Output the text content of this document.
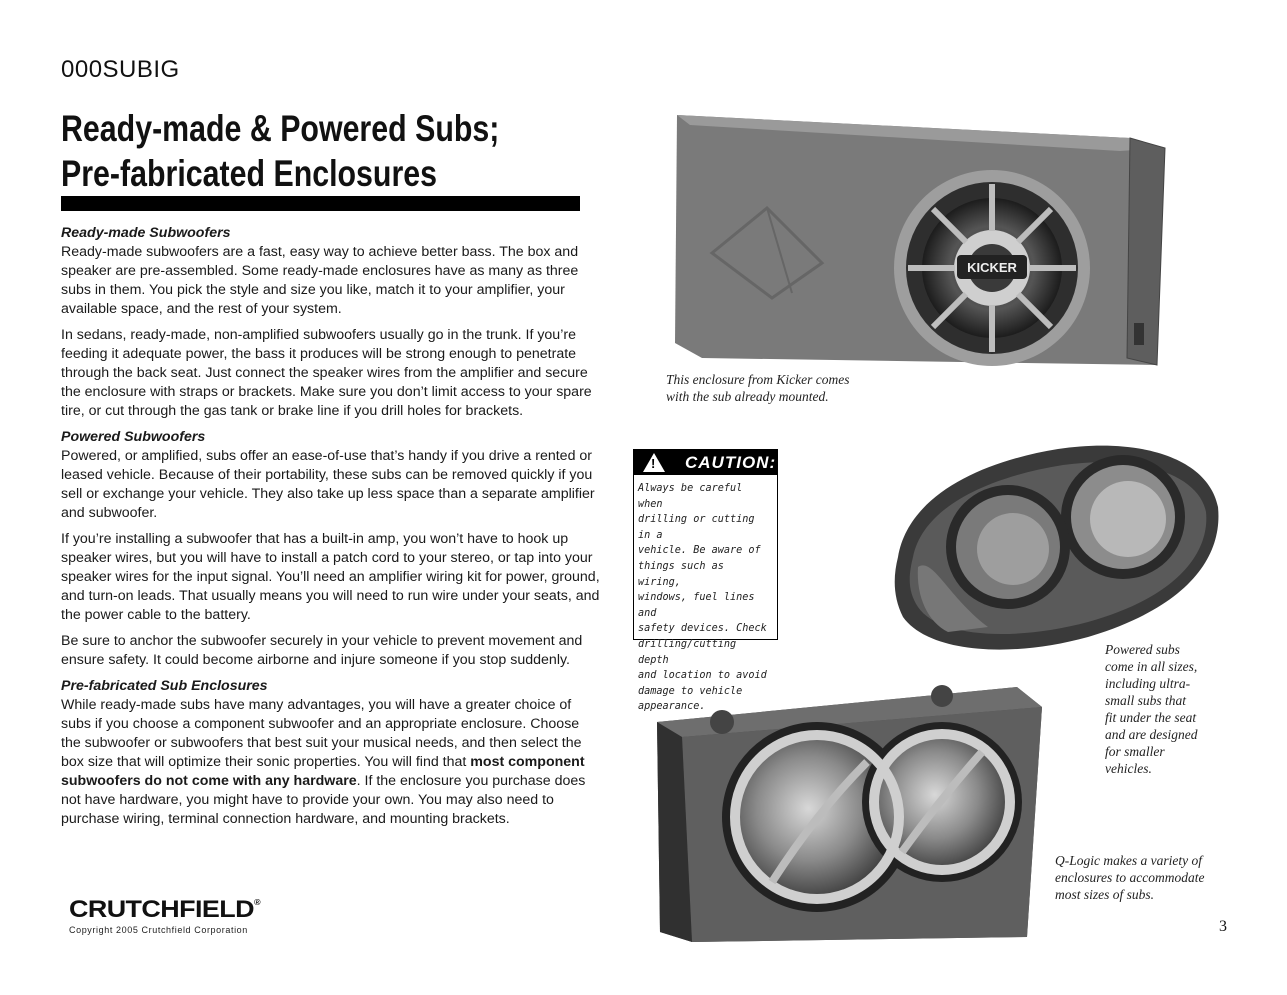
000SUBIG
Ready-made & Powered Subs;
Pre-fabricated Enclosures
Ready-made Subwoofers

Ready-made subwoofers are a fast, easy way to achieve better bass. The box and speaker are pre-assembled. Some ready-made enclosures have as many as three subs in them. You pick the style and size you like, match it to your amplifier, your available space, and the rest of your system.

In sedans, ready-made, non-amplified subwoofers usually go in the trunk. If you’re feeding it adequate power, the bass it produces will be strong enough to penetrate through the back seat. Just connect the speaker wires from the amplifier and secure the enclosure with straps or brackets. Make sure you don’t limit access to your spare tire, or cut through the gas tank or brake line if you drill holes for brackets.

Powered Subwoofers

Powered, or amplified, subs offer an ease-of-use that’s handy if you drive a rented or leased vehicle. Because of their portability, these subs can be removed quickly if you sell or exchange your vehicle. They also take up less space than a separate amplifier and subwoofer.

If you’re installing a subwoofer that has a built-in amp, you won’t have to hook up speaker wires, but you will have to install a patch cord to your stereo, or tap into your speaker wires for the input signal. You’ll need an amplifier wiring kit for power, ground, and turn-on leads. That usually means you will need to run wire under your seats, and the power cable to the battery.

Be sure to anchor the subwoofer securely in your vehicle to prevent movement and ensure safety. It could become airborne and injure someone if you stop suddenly.

Pre-fabricated Sub Enclosures

While ready-made subs have many advantages, you will have a greater choice of subs if you choose a component subwoofer and an appropriate enclosure. Choose the subwoofer or subwoofers that best suit your musical needs, and then select the box size that will optimize their sonic properties. You will find that most component subwoofers do not come with any hardware. If the enclosure you purchase does not have hardware, you might have to provide your own. You may also need to purchase wiring, terminal connection hardware, and mounting brackets.

KICKER
This enclosure from Kicker comes
with the sub already mounted.
! CAUTION:
Always be careful when
drilling or cutting in a
vehicle. Be aware of
things such as wiring,
windows, fuel lines and
safety devices. Check
drilling/cutting depth
and location to avoid
damage to vehicle
appearance.
Powered subs
come in all sizes,
including ultra-
small subs that
fit under the seat
and are designed
for smaller
vehicles.
Q-Logic makes a variety of
enclosures to accommodate
most sizes of subs.
CRUTCHFIELD®
Copyright 2005 Crutchfield Corporation	3
